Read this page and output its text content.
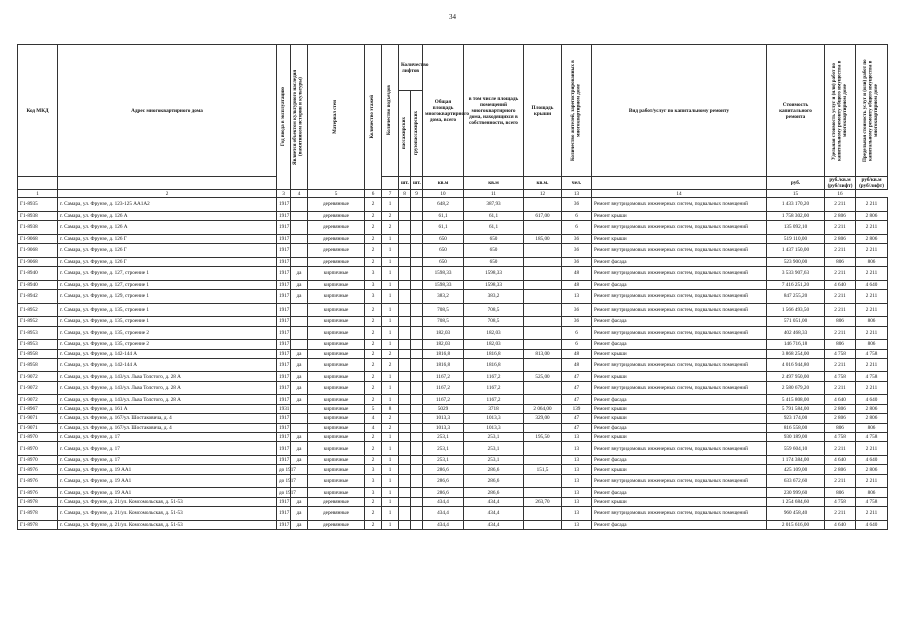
34
Код МКД	Адрес многоквартирного дома	Год ввода в эксплуатацию	Является объектом культурного наследия (памятником истории и культуры)	Материал стен	Количество этажей	Количество подъездов	Количество лифтов		Общая площадь многоквартирного дома, всего	в том числе площадь помещений многоквартирного дома, находящихся в собственности, всего	Площадь крыши	Количество жителей, зарегистрированных в многоквартирном доме	Вид работ/услуг по капитальному ремонту	Стоимость капитального ремонта	Удельная стоимость услуг и (или) работ по капитальному ремонту общего имущества в многоквартирном доме	Предельная стоимость услуг и (или) работ по капитальному ремонту общего имущества в многоквартирном доме

							пассажирских	грузопассажирских								

							шт.	шт.	кв.м	кв.м	кв.м.	чел.		руб.	руб./кв.м (руб/лифт)	руб/кв.м (руб/лифт)
1	2	3	4	5	6	7	8	9	10	11	12	13	14	15	16	
Г1-8935	г. Самара, ул. Фрунзе, д. 123-125 АА1А2	1917		деревянные	2	1			648,2	387,93		36	Ремонт внутридомовых инженерных систем, подвальных помещений	1 433 170,20	2 211	2 211
Г1-8938	г. Самара, ул. Фрунзе, д. 126 А	1917		деревянные	2	2			61,1	61,1	617,00	6	Ремонт крыши	1 758 302,00	2 806	2 806
Г1-8938	г. Самара, ул. Фрунзе, д. 126 А	1917		деревянные	2	2			61,1	61,1		6	Ремонт внутридомовых инженерных систем, подвальных помещений	135 092,10	2 211	2 211
Г1-9068	г. Самара, ул. Фрунзе, д. 126 Г	1917		деревянные	2	1			650	650	185,00	36	Ремонт крыши	519 110,00	2 806	2 806
Г1-9068	г. Самара, ул. Фрунзе, д. 126 Г	1917		деревянные	2	1			650	650		36	Ремонт внутридомовых инженерных систем, подвальных помещений	1 437 150,00	2 211	2 211
Г1-9068	г. Самара, ул. Фрунзе, д. 126 Г	1917		деревянные	2	1			650	650		36	Ремонт фасада	523 900,00	806	806
Г1-8940	г. Самара, ул. Фрунзе, д. 127, строение 1	1917	да	кирпичные	3	1			1598,33	1598,33		48	Ремонт внутридомовых инженерных систем, подвальных помещений	3 533 907,63	2 211	2 211
Г1-8940	г. Самара, ул. Фрунзе, д. 127, строение 1	1917	да	кирпичные	3	1			1598,33	1598,33		48	Ремонт фасада	7 416 251,20	4 640	4 640
Г1-8942	г. Самара, ул. Фрунзе, д. 129, строение 1	1917	да	кирпичные	3	1			383,2	383,2		13	Ремонт внутридомовых инженерных систем, подвальных помещений	847 255,20	2 211	2 211
Г1-8952	г. Самара, ул. Фрунзе, д. 135, строение 1	1917		кирпичные	2	1			708,5	708,5		36	Ремонт внутридомовых инженерных систем, подвальных помещений	1 566 493,50	2 211	2 211
Г1-8952	г. Самара, ул. Фрунзе, д. 135, строение 1	1917		кирпичные	2	1			708,5	708,5		36	Ремонт фасада	571 051,00	806	806
Г1-8953	г. Самара, ул. Фрунзе, д. 135, строение 2	1917		кирпичные	2	1			182,03	182,03		6	Ремонт внутридомовых инженерных систем, подвальных помещений	402 468,33	2 211	2 211
Г1-8953	г. Самара, ул. Фрунзе, д. 135, строение 2	1917		кирпичные	2	1			182,03	182,03		6	Ремонт фасада	146 716,18	806	806
Г1-8958	г. Самара, ул. Фрунзе, д. 142-144 А	1917	да	кирпичные	2	2			1816,8	1816,8	813,00	48	Ремонт крыши	3 868 254,00	4 758	4 758
Г1-8958	г. Самара, ул. Фрунзе, д. 142-144 А	1917	да	кирпичные	2	2			1816,8	1816,8		48	Ремонт внутридомовых инженерных систем, подвальных помещений	4 016 944,80	2 211	2 211
Г1-9072	г. Самара, ул. Фрунзе, д. 143/ул. Льва Толстого, д. 28 А	1917	да	кирпичные	2	1			1167,2	1167,2	525,00	47	Ремонт крыши	2 497 950,00	4 758	4 758
Г1-9072	г. Самара, ул. Фрунзе, д. 143/ул. Льва Толстого, д. 28 А	1917	да	кирпичные	2	1			1167,2	1167,2		47	Ремонт внутридомовых инженерных систем, подвальных помещений	2 580 679,20	2 211	2 211
Г1-9072	г. Самара, ул. Фрунзе, д. 143/ул. Льва Толстого, д. 28 А	1917	да	кирпичные	2	1			1167,2	1167,2		47	Ремонт фасада	5 415 808,00	4 640	4 640
Г1-8967	г. Самара, ул. Фрунзе, д. 161 А	1931		кирпичные	5	8			5029	3718	2 064,00	139	Ремонт крыши	5 791 584,00	2 806	2 806
Г1-9071	г. Самара, ул. Фрунзе, д. 167/ул. Шостаковича, д. 4	1917		кирпичные	4	2			1013,3	1013,3	329,00	47	Ремонт крыши	923 174,00	2 806	2 806
Г1-9071	г. Самара, ул. Фрунзе, д. 167/ул. Шостаковича, д. 4	1917		кирпичные	4	2			1013,3	1013,3		47	Ремонт фасада	816 558,00	806	806
Г1-8970	г. Самара, ул. Фрунзе, д. 17	1917	да	кирпичные	2	1			253,1	253,1	195,50	13	Ремонт крыши	930 189,00	4 758	4 758
Г1-8970	г. Самара, ул. Фрунзе, д. 17	1917	да	кирпичные	2	1			253,1	253,1		13	Ремонт внутридомовых инженерных систем, подвальных помещений	559 604,10	2 211	2 211
Г1-8970	г. Самара, ул. Фрунзе, д. 17	1917	да	кирпичные	2	1			253,1	253,1		13	Ремонт фасада	1 174 384,00	4 640	4 640
Г1-8976	г. Самара, ул. Фрунзе, д. 19 АА1	до 1917		кирпичные	3	1			286,6	286,6	151,5	13	Ремонт крыши	425 109,00	2 806	2 806
Г1-8976	г. Самара, ул. Фрунзе, д. 19 АА1	до 1917		кирпичные	3	1			286,6	286,6		13	Ремонт внутридомовых инженерных систем, подвальных помещений	633 672,60	2 211	2 211
Г1-8976	г. Самара, ул. Фрунзе, д. 19 АА1	до 1917		кирпичные	3	1			286,6	286,6		13	Ремонт фасада	230 999,60	806	806
Г1-8978	г. Самара, ул. Фрунзе, д. 21/ул. Комсомольская, д. 51-53	1917	да	деревянные	2	1			434,4	434,4	263,70	13	Ремонт крыши	1 254 684,60	4 758	4 758
Г1-8978	г. Самара, ул. Фрунзе, д. 21/ул. Комсомольская, д. 51-53	1917	да	деревянные	2	1			434,4	434,4		13	Ремонт внутридомовых инженерных систем, подвальных помещений	960 458,40	2 211	2 211
Г1-8978	г. Самара, ул. Фрунзе, д. 21/ул. Комсомольская, д. 51-53	1917	да	деревянные	2	1			434,4	434,4		13	Ремонт фасада	2 015 616,00	4 640	4 640
